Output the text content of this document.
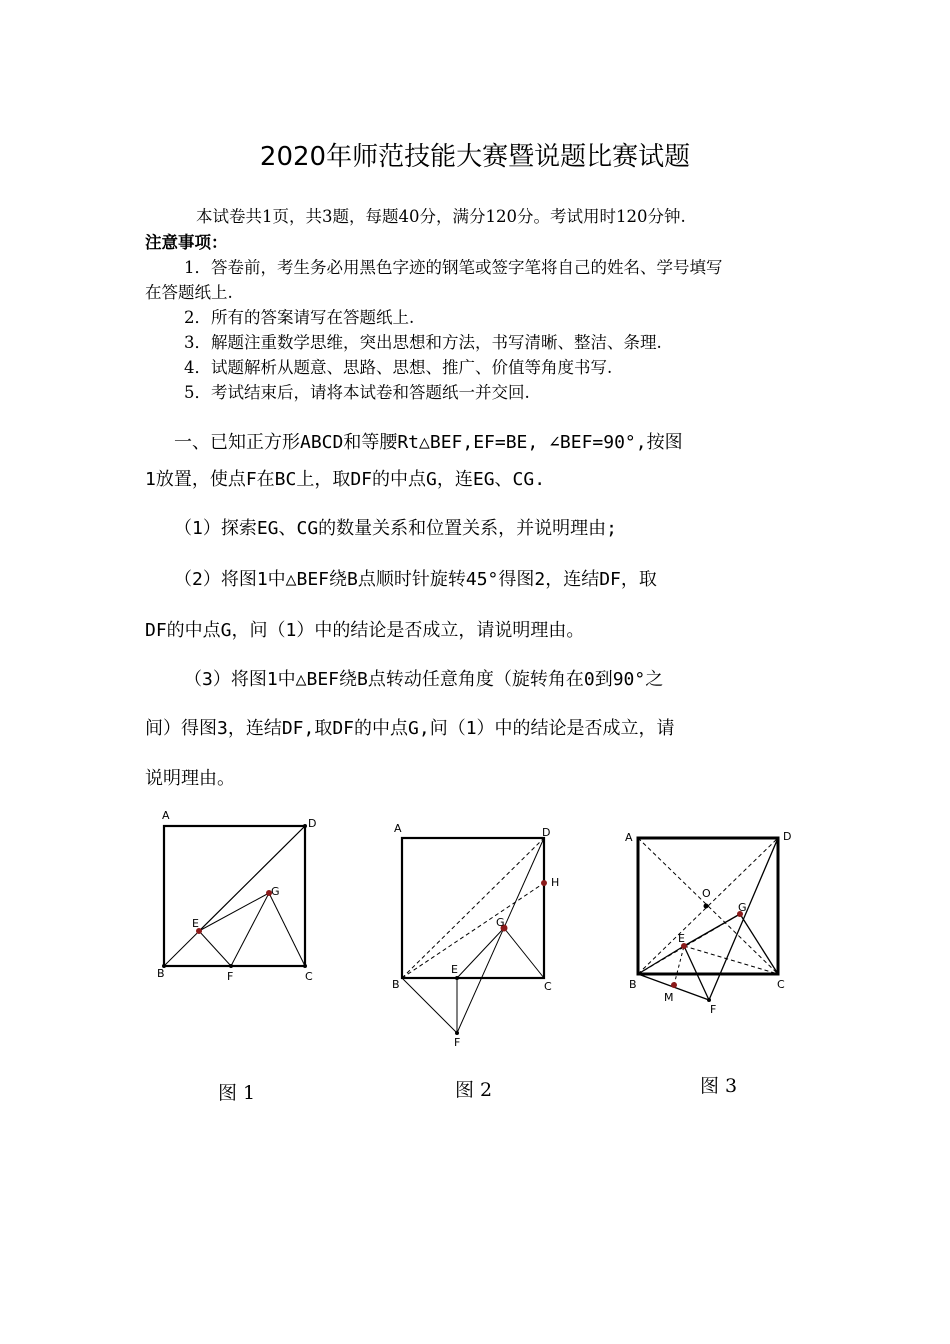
2020年师范技能大赛暨说题比赛试题
本试卷共1页，共3题，每题40分，满分120分。考试用时120分钟.
注意事项：
1．答卷前，考生务必用黑色字迹的钢笔或签字笔将自己的姓名、学号填写
在答题纸上.
2．所有的答案请写在答题纸上.
3．解题注重数学思维，突出思想和方法，书写清晰、整洁、条理.
4．试题解析从题意、思路、思想、推广、价值等角度书写.
5．考试结束后，请将本试卷和答题纸一并交回.
一、已知正方形ABCD和等腰Rt△BEF,EF=BE, ∠BEF=90°,按图
1放置，使点F在BC上，取DF的中点G，连EG、CG.
（1）探索EG、CG的数量关系和位置关系，并说明理由;
（2）将图1中△BEF绕B点顺时针旋转45°得图2，连结DF，取
DF的中点G，问（1）中的结论是否成立，请说明理由。
（3）将图1中△BEF绕B点转动任意角度（旋转角在0到90°之
间）得图3，连结DF,取DF的中点G,问（1）中的结论是否成立，请
说明理由。
A
D
E
G
B	F	C
A	D
H
G
E
B	C
F
A	D
O
G
E
B	C
M
F
图 1	图 2	图 3
